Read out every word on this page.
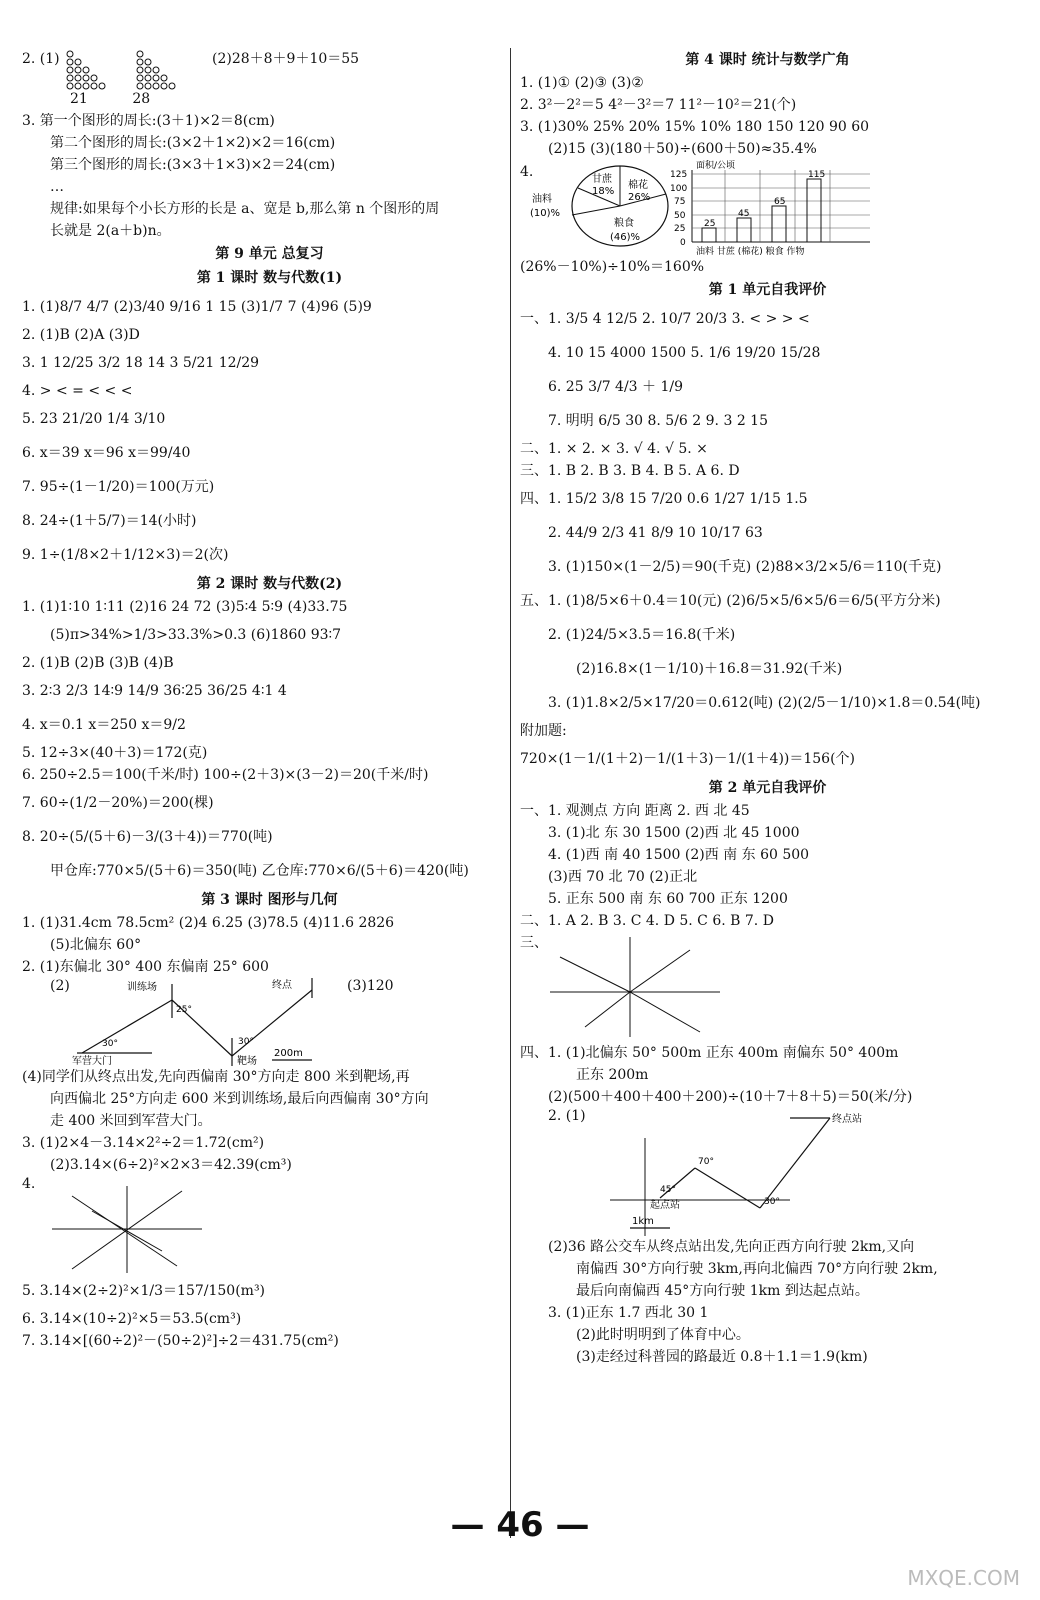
2. (1)	(2)28＋8＋9＋10＝55
21          28
3. 第一个图形的周长:(3＋1)×2＝8(cm)
第二个图形的周长:(3×2＋1×2)×2＝16(cm)
第三个图形的周长:(3×3＋1×3)×2＝24(cm)
…
规律:如果每个小长方形的长是 a、宽是 b,那么第 n 个图形的周
长就是 2(a＋b)n。
第 9 单元 总复习
第 1 课时 数与代数(1)
1. (1)8/7 4/7 (2)3/40 9/16 1 15 (3)1/7 7 (4)96 (5)9
2. (1)B (2)A (3)D
3. 1 12/25 3/2 18 14 3 5/21 12/29
4. > < = < < <
5. 23 21/20 1/4 3/10
6. x＝39 x＝96 x＝99/40
7. 95÷(1－1/20)＝100(万元)
8. 24÷(1＋5/7)＝14(小时)
9. 1÷(1/8×2＋1/12×3)＝2(次)
第 2 课时 数与代数(2)
1. (1)1∶10 1∶11 (2)16 24 72 (3)5∶4 5∶9 (4)33.75
(5)π>34%>1/3>33.3%>0.3 (6)1860 93∶7
2. (1)B (2)B (3)B (4)B
3. 2∶3 2/3 14∶9 14/9 36∶25 36/25 4∶1 4
4. x＝0.1 x＝250 x＝9/2
5. 12÷3×(40＋3)＝172(克)
6. 250÷2.5＝100(千米/时) 100÷(2＋3)×(3－2)＝20(千米/时)
7. 60÷(1/2－20%)＝200(棵)
8. 20÷(5/(5＋6)－3/(3＋4))＝770(吨)
甲仓库:770×5/(5＋6)＝350(吨) 乙仓库:770×6/(5＋6)＝420(吨)
第 3 课时 图形与几何
1. (1)31.4cm 78.5cm² (2)4 6.25 (3)78.5 (4)11.6 2826
(5)北偏东 60°
2. (1)东偏北 30° 400 东偏南 25° 600
(2)	(3)120
训练场	终点
军营大门	靶场
30°
25°
30°
200m
(4)同学们从终点出发,先向西偏南 30°方向走 800 米到靶场,再
向西偏北 25°方向走 600 米到训练场,最后向西偏南 30°方向
走 400 米回到军营大门。
3. (1)2×4－3.14×2²÷2＝1.72(cm²)
(2)3.14×(6÷2)²×2×3＝42.39(cm³)
4.
5. 3.14×(2÷2)²×1/3＝157/150(m³)
6. 3.14×(10÷2)²×5＝53.5(cm³)
7. 3.14×[(60÷2)²－(50÷2)²]÷2＝431.75(cm²)
第 4 课时 统计与数学广角
1. (1)① (2)③ (3)②
2. 3²－2²＝5 4²－3²＝7 11²－10²＝21(个)
3. (1)30% 25% 20% 15% 10% 180 150 120 90 60
(2)15 (3)(180＋50)÷(600＋50)≈35.4%
4.	甘蔗
18%
棉花
26%
油料
(10)%
粮食
(46)%
面积/公顷
125
100
75
50
25
0
25
45
65
115
油料 甘蔗 (棉花) 粮食 作物
(26%－10%)÷10%＝160%
第 1 单元自我评价
一、1. 3/5 4 12/5 2. 10/7 20/3 3. < > > <
4. 10 15 4000 1500 5. 1/6 19/20 15/28
6. 25 3/7 4/3 ＋ 1/9
7. 明明 6/5 30 8. 5/6 2 9. 3 2 15
二、1. × 2. × 3. √ 4. √ 5. ×
三、1. B 2. B 3. B 4. B 5. A 6. D
四、1. 15/2 3/8 15 7/20 0.6 1/27 1/15 1.5
2. 44/9 2/3 41 8/9 10 10/17 63
3. (1)150×(1－2/5)＝90(千克) (2)88×3/2×5/6＝110(千克)
五、1. (1)8/5×6＋0.4＝10(元) (2)6/5×5/6×5/6＝6/5(平方分米)
2. (1)24/5×3.5＝16.8(千米)
(2)16.8×(1－1/10)＋16.8＝31.92(千米)
3. (1)1.8×2/5×17/20＝0.612(吨) (2)(2/5－1/10)×1.8＝0.54(吨)
附加题:
720×(1－1/(1＋2)－1/(1＋3)－1/(1＋4))＝156(个)
第 2 单元自我评价
一、1. 观测点 方向 距离 2. 西 北 45
3. (1)北 东 30 1500 (2)西 北 45 1000
4. (1)西 南 40 1500 (2)西 南 东 60 500
(3)西 70 北 70 (2)正北
5. 正东 500 南 东 60 700 正东 1200
二、1. A 2. B 3. C 4. D 5. C 6. B 7. D
三、
四、1. (1)北偏东 50° 500m 正东 400m 南偏东 50° 400m
正东 200m
(2)(500＋400＋400＋200)÷(10＋7＋8＋5)＝50(米/分)
2. (1)	终点站
起点站
70°
45°
30°
1km
(2)36 路公交车从终点站出发,先向正西方向行驶 2km,又向
南偏西 30°方向行驶 3km,再向北偏西 70°方向行驶 2km,
最后向南偏西 45°方向行驶 1km 到达起点站。
3. (1)正东 1.7 西北 30 1
(2)此时明明到了体育中心。
(3)走经过科普园的路最近 0.8＋1.1＝1.9(km)
— 46 —
MXQE.COM
